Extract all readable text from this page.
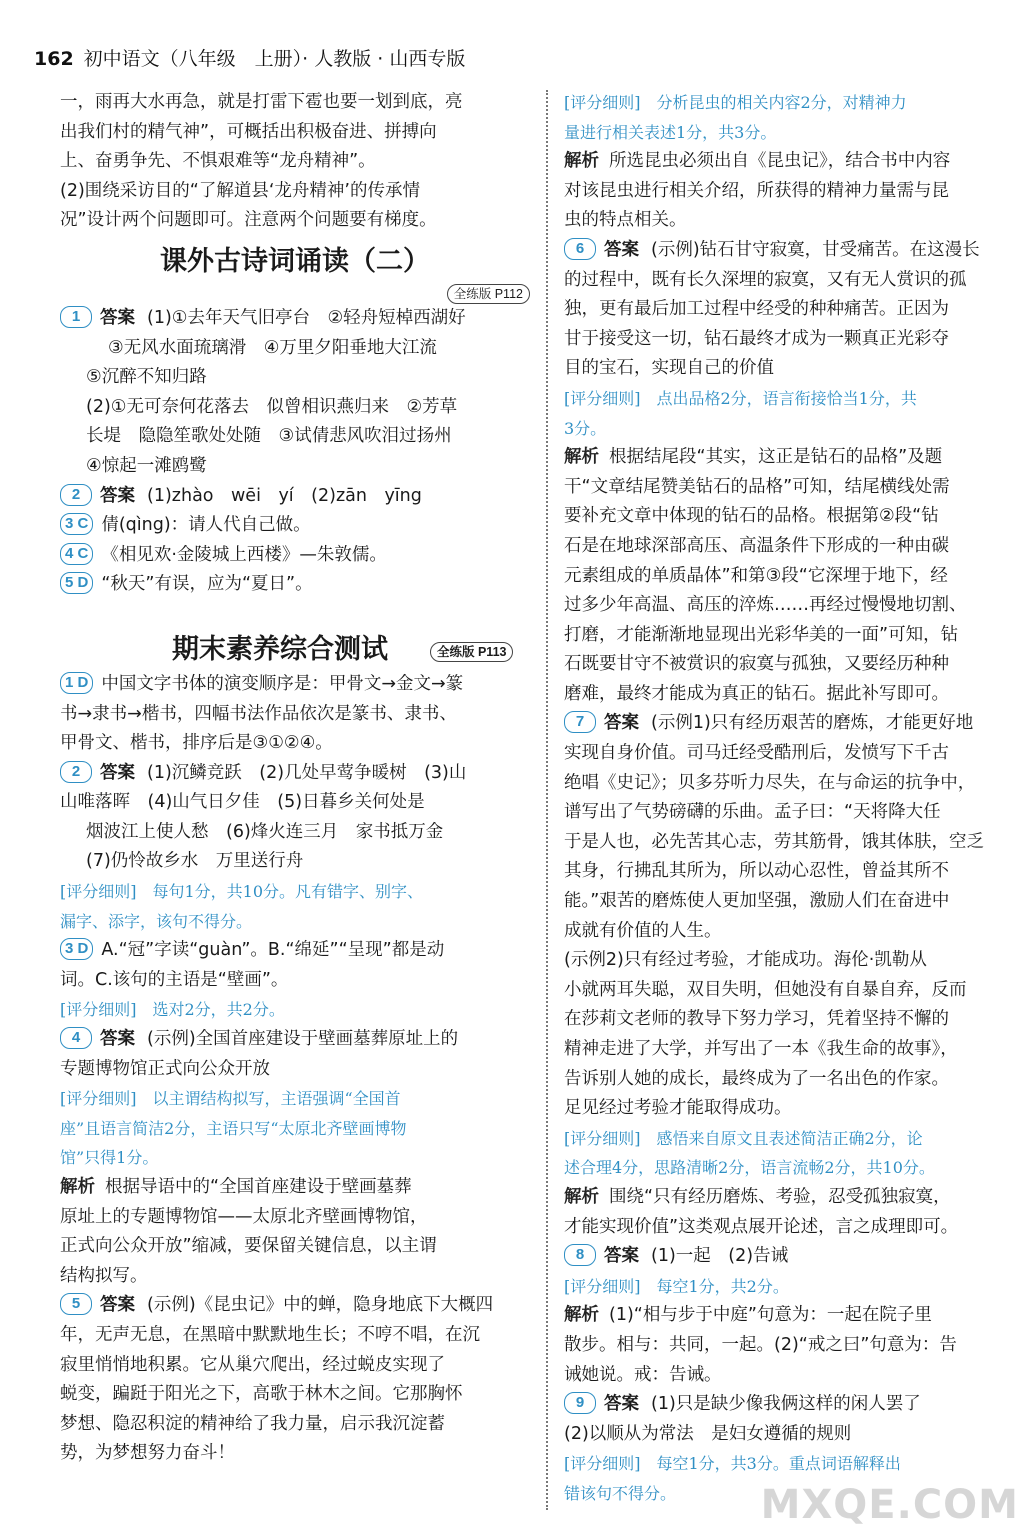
162 初中语文（八年级　上册）· 人教版 · 山西专版

一，雨再大水再急，就是打雷下雹也要一划到底，亮

出我们村的精气神”，可概括出积极奋进、拼搏向

上、奋勇争先、不惧艰难等“龙舟精神”。

(2)围绕采访目的“了解道县‘龙舟精神’的传承情

况”设计两个问题即可。注意两个问题要有梯度。

课外古诗词诵读（二）
全练版 P112

1 答案 (1)①去年天气旧亭台　②轻舟短棹西湖好

③无风水面琉璃滑　④万里夕阳垂地大江流

⑤沉醉不知归路

(2)①无可奈何花落去　似曾相识燕归来　②芳草

长堤　隐隐笙歌处处随　③试倩悲风吹泪过扬州

④惊起一滩鸥鹭

2 答案 (1)zhào　wēi　yí　(2)zān　yīng

3 C 倩(qìng)：请人代自己做。

4 C 《相见欢·金陵城上西楼》—朱敦儒。

5 D “秋天”有误，应为“夏日”。

期末素养综合测试	全练版 P113

1 D 中国文字书体的演变顺序是：甲骨文→金文→篆

书→隶书→楷书，四幅书法作品依次是篆书、隶书、

甲骨文、楷书，排序后是③①②④。

2 答案 (1)沉鳞竞跃　(2)几处早莺争暖树　(3)山

山唯落晖　(4)山气日夕佳　(5)日暮乡关何处是

烟波江上使人愁　(6)烽火连三月　家书抵万金

(7)仍怜故乡水　万里送行舟

[评分细则]　每句1分，共10分。凡有错字、别字、

漏字、添字，该句不得分。

3 D A.“冠”字读“guàn”。B.“绵延”“呈现”都是动

词。C.该句的主语是“壁画”。

[评分细则]　选对2分，共2分。

4 答案 (示例)全国首座建设于壁画墓葬原址上的

专题博物馆正式向公众开放

[评分细则]　以主谓结构拟写，主语强调“全国首

座”且语言简洁2分，主语只写“太原北齐壁画博物

馆”只得1分。

解析 根据导语中的“全国首座建设于壁画墓葬

原址上的专题博物馆——太原北齐壁画博物馆，

正式向公众开放”缩减，要保留关键信息，以主谓

结构拟写。

5 答案 (示例)《昆虫记》中的蝉，隐身地底下大概四

年，无声无息，在黑暗中默默地生长；不哼不唱，在沉

寂里悄悄地积累。它从巢穴爬出，经过蜕皮实现了

蜕变，蹁跹于阳光之下，高歌于林木之间。它那胸怀

梦想、隐忍积淀的精神给了我力量，启示我沉淀蓄

势，为梦想努力奋斗！

[评分细则]　分析昆虫的相关内容2分，对精神力

量进行相关表述1分，共3分。

解析 所选昆虫必须出自《昆虫记》，结合书中内容

对该昆虫进行相关介绍，所获得的精神力量需与昆

虫的特点相关。

6 答案 (示例)钻石甘守寂寞，甘受痛苦。在这漫长

的过程中，既有长久深埋的寂寞，又有无人赏识的孤

独，更有最后加工过程中经受的种种痛苦。正因为

甘于接受这一切，钻石最终才成为一颗真正光彩夺

目的宝石，实现自己的价值

[评分细则]　点出品格2分，语言衔接恰当1分，共

3分。

解析 根据结尾段“其实，这正是钻石的品格”及题

干“文章结尾赞美钻石的品格”可知，结尾横线处需

要补充文章中体现的钻石的品格。根据第②段“钻

石是在地球深部高压、高温条件下形成的一种由碳

元素组成的单质晶体”和第③段“它深埋于地下，经

过多少年高温、高压的淬炼……再经过慢慢地切割、

打磨，才能渐渐地显现出光彩华美的一面”可知，钻

石既要甘守不被赏识的寂寞与孤独，又要经历种种

磨难，最终才能成为真正的钻石。据此补写即可。

7 答案 (示例1)只有经历艰苦的磨炼，才能更好地

实现自身价值。司马迁经受酷刑后，发愤写下千古

绝唱《史记》；贝多芬听力尽失，在与命运的抗争中，

谱写出了气势磅礴的乐曲。孟子曰：“天将降大任

于是人也，必先苦其心志，劳其筋骨，饿其体肤，空乏

其身，行拂乱其所为，所以动心忍性，曾益其所不

能。”艰苦的磨炼使人更加坚强，激励人们在奋进中

成就有价值的人生。

(示例2)只有经过考验，才能成功。海伦·凯勒从

小就两耳失聪，双目失明，但她没有自暴自弃，反而

在莎莉文老师的教导下努力学习，凭着坚持不懈的

精神走进了大学，并写出了一本《我生命的故事》，

告诉别人她的成长，最终成为了一名出色的作家。

足见经过考验才能取得成功。

[评分细则]　感悟来自原文且表述简洁正确2分，论

述合理4分，思路清晰2分，语言流畅2分，共10分。

解析 围绕“只有经历磨炼、考验，忍受孤独寂寞，

才能实现价值”这类观点展开论述，言之成理即可。

8 答案 (1)一起　(2)告诫

[评分细则]　每空1分，共2分。

解析 (1)“相与步于中庭”句意为：一起在院子里

散步。相与：共同，一起。(2)“戒之曰”句意为：告

诫她说。戒：告诫。

9 答案 (1)只是缺少像我俩这样的闲人罢了

(2)以顺从为常法　是妇女遵循的规则

[评分细则]　每空1分，共3分。重点词语解释出

错该句不得分。	MXQE.COM
